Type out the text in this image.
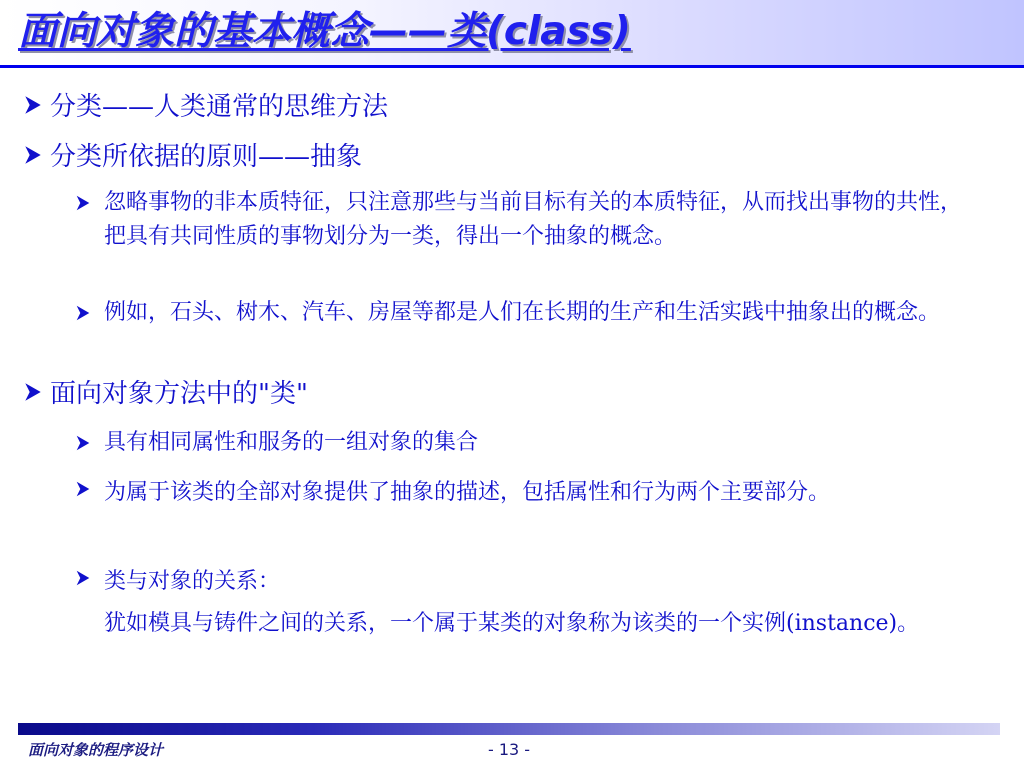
面向对象的基本概念——类(class)
分类——人类通常的思维方法
分类所依据的原则——抽象
忽略事物的非本质特征，只注意那些与当前目标有关的本质特征，从而找出事物的共性，把具有共同性质的事物划分为一类，得出一个抽象的概念。
例如，石头、树木、汽车、房屋等都是人们在长期的生产和生活实践中抽象出的概念。
面向对象方法中的"类"
具有相同属性和服务的一组对象的集合
为属于该类的全部对象提供了抽象的描述，包括属性和行为两个主要部分。
类与对象的关系：
犹如模具与铸件之间的关系，一个属于某类的对象称为该类的一个实例(instance)。
面向对象的程序设计	- 13 -
